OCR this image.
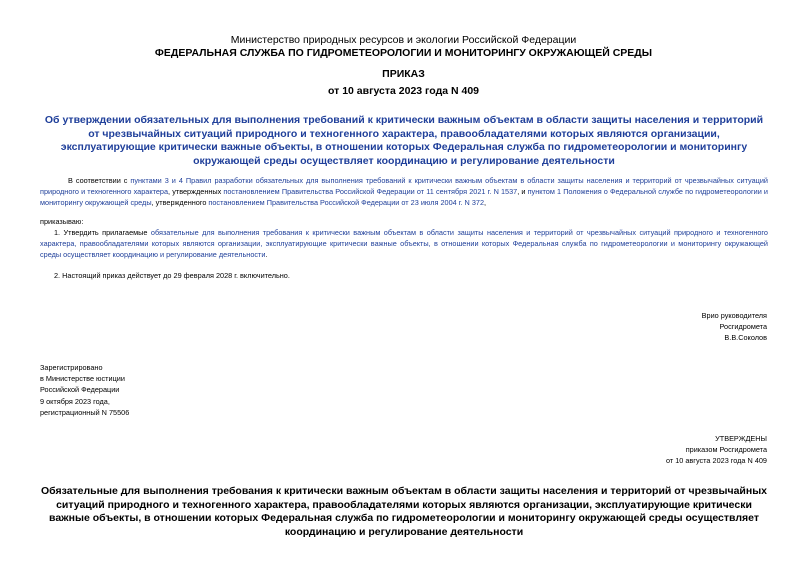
Министерство природных ресурсов и экологии Российской Федерации
ФЕДЕРАЛЬНАЯ СЛУЖБА ПО ГИДРОМЕТЕОРОЛОГИИ И МОНИТОРИНГУ ОКРУЖАЮЩЕЙ СРЕДЫ
ПРИКАЗ
от 10 августа 2023 года N 409
Об утверждении обязательных для выполнения требований к критически важным объектам в области защиты населения и территорий от чрезвычайных ситуаций природного и техногенного характера, правообладателями которых являются организации, эксплуатирующие критически важные объекты, в отношении которых Федеральная служба по гидрометеорологии и мониторингу окружающей среды осуществляет координацию и регулирование деятельности
В соответствии с пунктами 3 и 4 Правил разработки обязательных для выполнения требований к критически важным объектам в области защиты населения и территорий от чрезвычайных ситуаций природного и техногенного характера, утвержденных постановлением Правительства Российской Федерации от 11 сентября 2021 г. N 1537, и пунктом 1 Положения о Федеральной службе по гидрометеорологии и мониторингу окружающей среды, утвержденного постановлением Правительства Российской Федерации от 23 июля 2004 г. N 372,
приказываю:
1. Утвердить прилагаемые обязательные для выполнения требования к критически важным объектам в области защиты населения и территорий от чрезвычайных ситуаций природного и техногенного характера, правообладателями которых являются организации, эксплуатирующие критически важные объекты, в отношении которых Федеральная служба по гидрометеорологии и мониторингу окружающей среды осуществляет координацию и регулирование деятельности.
2. Настоящий приказ действует до 29 февраля 2028 г. включительно.
Врио руководителя
Росгидромета
В.В.Соколов
Зарегистрировано
в Министерстве юстиции
Российской Федерации
9 октября 2023 года,
регистрационный N 75506
УТВЕРЖДЕНЫ
приказом Росгидромета
от 10 августа 2023 года N 409
Обязательные для выполнения требования к критически важным объектам в области защиты населения и территорий от чрезвычайных ситуаций природного и техногенного характера, правообладателями которых являются организации, эксплуатирующие критически важные объекты, в отношении которых Федеральная служба по гидрометеорологии и мониторингу окружающей среды осуществляет координацию и регулирование деятельности
